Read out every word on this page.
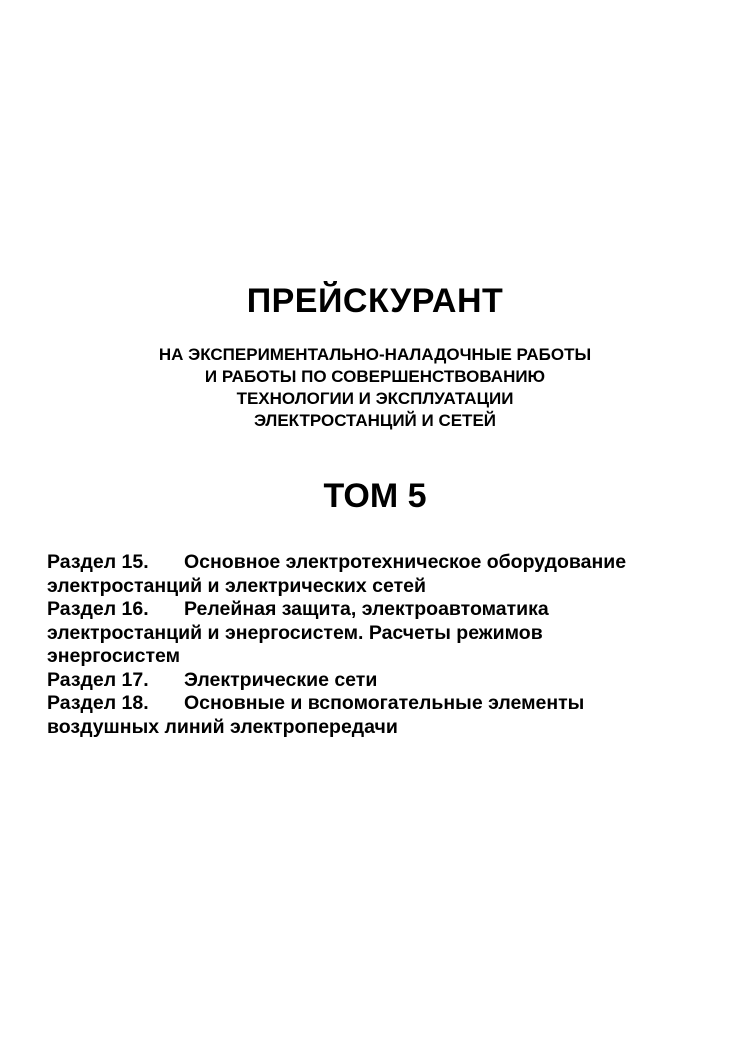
ПРЕЙСКУРАНТ
НА ЭКСПЕРИМЕНТАЛЬНО-НАЛАДОЧНЫЕ РАБОТЫ
И РАБОТЫ ПО СОВЕРШЕНСТВОВАНИЮ
ТЕХНОЛОГИИ И ЭКСПЛУАТАЦИИ
ЭЛЕКТРОСТАНЦИЙ И СЕТЕЙ
ТОМ 5
Раздел 15. Основное электротехническое оборудование
электростанций и электрических сетей
Раздел 16. Релейная защита, электроавтоматика
электростанций и энергосистем. Расчеты режимов
энергосистем
Раздел 17. Электрические сети
Раздел 18. Основные и вспомогательные элементы
воздушных линий электропередачи
